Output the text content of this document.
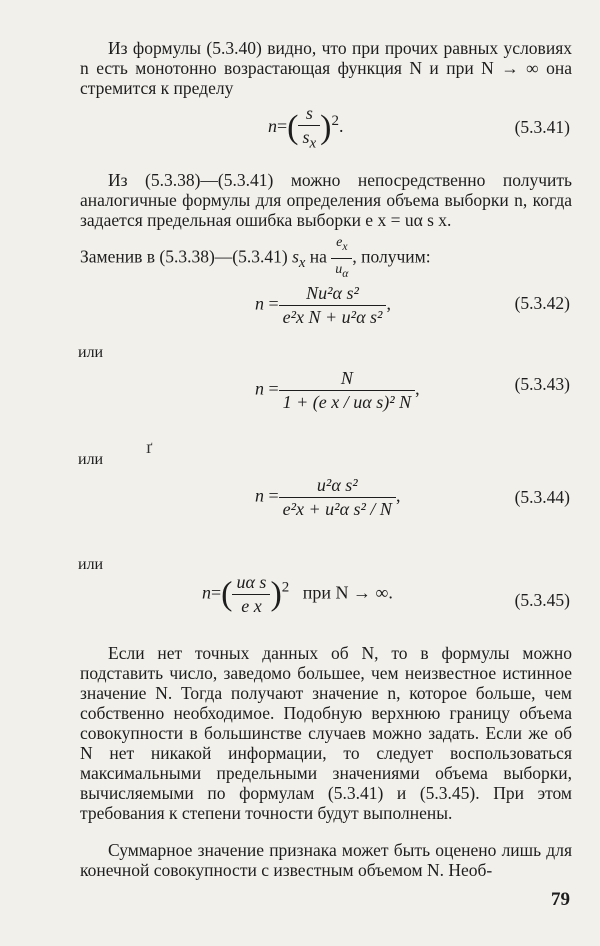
Из формулы (5.3.40) видно, что при прочих равных условиях n есть монотонно возрастающая функция N и при N → ∞ она стремится к пределу

$n=( \frac{s}{s_x} )^2$.	(5.3.41)

Из (5.3.38)—(5.3.41) можно непосредственно получить аналогичные формулы для определения объема выборки n, когда задается предельная ошибка выборки e x = uα s x.

Заменив в (5.3.38)—(5.3.41) $s_x$ на $\frac{e_x}{u_\alpha}$ , получим:
$n = \frac{\text{Nu²α s²}}{\text{e²x N + u²α s²}}$ ,	(5.3.42)
или
$n = \frac{N}{\text{1 + (e x / uα s)² N}}$ ,	(5.3.43)
или
ґ
$n = \frac{\text{u²α s²}}{\text{e²x + u²α s² / N}}$ ,	(5.3.44)
или
$n=( \frac{\text{uα s}}{\text{e x}} )^2$ при N → ∞.	(5.3.45)

Если нет точных данных об N, то в формулы можно подставить число, заведомо большее, чем неизвестное истинное значение N. Тогда получают значение n, которое больше, чем собственно необходимое. Подобную верхнюю границу объема совокупности в большинстве случаев можно задать. Если же об N нет никакой информации, то следует воспользоваться максимальными предельными значениями объема выборки, вычисляемыми по формулам (5.3.41) и (5.3.45). При этом требования к степени точности будут выполнены.

Суммарное значение признака может быть оценено лишь для конечной совокупности с известным объемом N. Необ-

79
